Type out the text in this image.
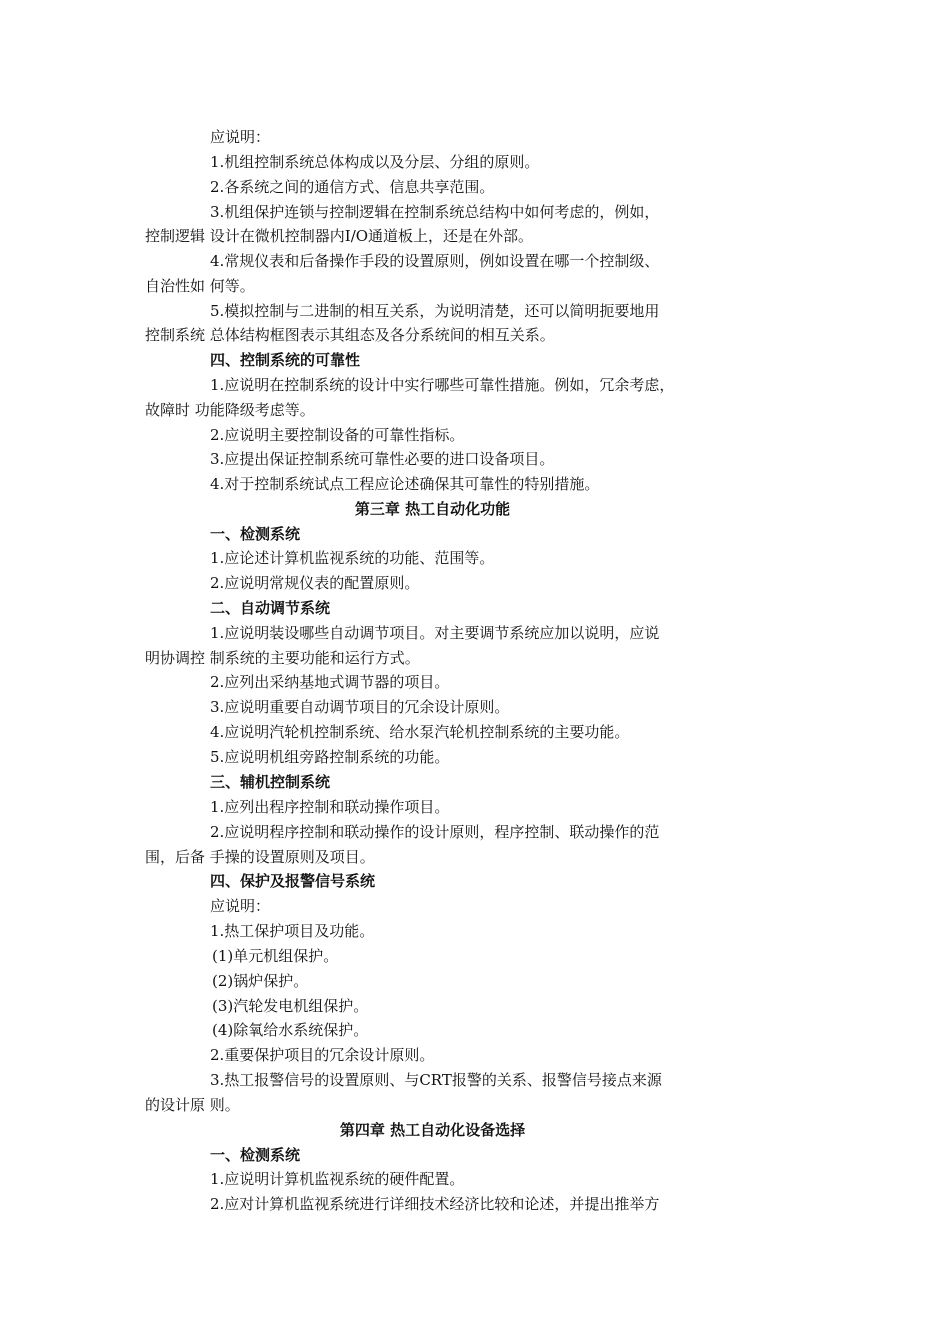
应说明：
1.机组控制系统总体构成以及分层、分组的原则。
2.各系统之间的通信方式、信息共享范围。
3.机组保护连锁与控制逻辑在控制系统总结构中如何考虑的，例如，
控制逻辑 设计在微机控制器内I/O通道板上，还是在外部。
4.常规仪表和后备操作手段的设置原则，例如设置在哪一个控制级、
自治性如 何等。
5.模拟控制与二进制的相互关系，为说明清楚，还可以简明扼要地用
控制系统 总体结构框图表示其组态及各分系统间的相互关系。
四、控制系统的可靠性
1.应说明在控制系统的设计中实行哪些可靠性措施。例如，冗余考虑，
故障时 功能降级考虑等。
2.应说明主要控制设备的可靠性指标。
3.应提出保证控制系统可靠性必要的进口设备项目。
4.对于控制系统试点工程应论述确保其可靠性的特别措施。
第三章 热工自动化功能
一、检测系统
1.应论述计算机监视系统的功能、范围等。
2.应说明常规仪表的配置原则。
二、自动调节系统
1.应说明装设哪些自动调节项目。对主要调节系统应加以说明，应说
明协调控 制系统的主要功能和运行方式。
2.应列出采纳基地式调节器的项目。
3.应说明重要自动调节项目的冗余设计原则。
4.应说明汽轮机控制系统、给水泵汽轮机控制系统的主要功能。
5.应说明机组旁路控制系统的功能。
三、辅机控制系统
1.应列出程序控制和联动操作项目。
2.应说明程序控制和联动操作的设计原则，程序控制、联动操作的范
围，后备 手操的设置原则及项目。
四、保护及报警信号系统
应说明：
1.热工保护项目及功能。
(1)单元机组保护。
(2)锅炉保护。
(3)汽轮发电机组保护。
(4)除氧给水系统保护。
2.重要保护项目的冗余设计原则。
3.热工报警信号的设置原则、与CRT报警的关系、报警信号接点来源
的设计原 则。
第四章 热工自动化设备选择
一、检测系统
1.应说明计算机监视系统的硬件配置。
2.应对计算机监视系统进行详细技术经济比较和论述，并提出推举方
